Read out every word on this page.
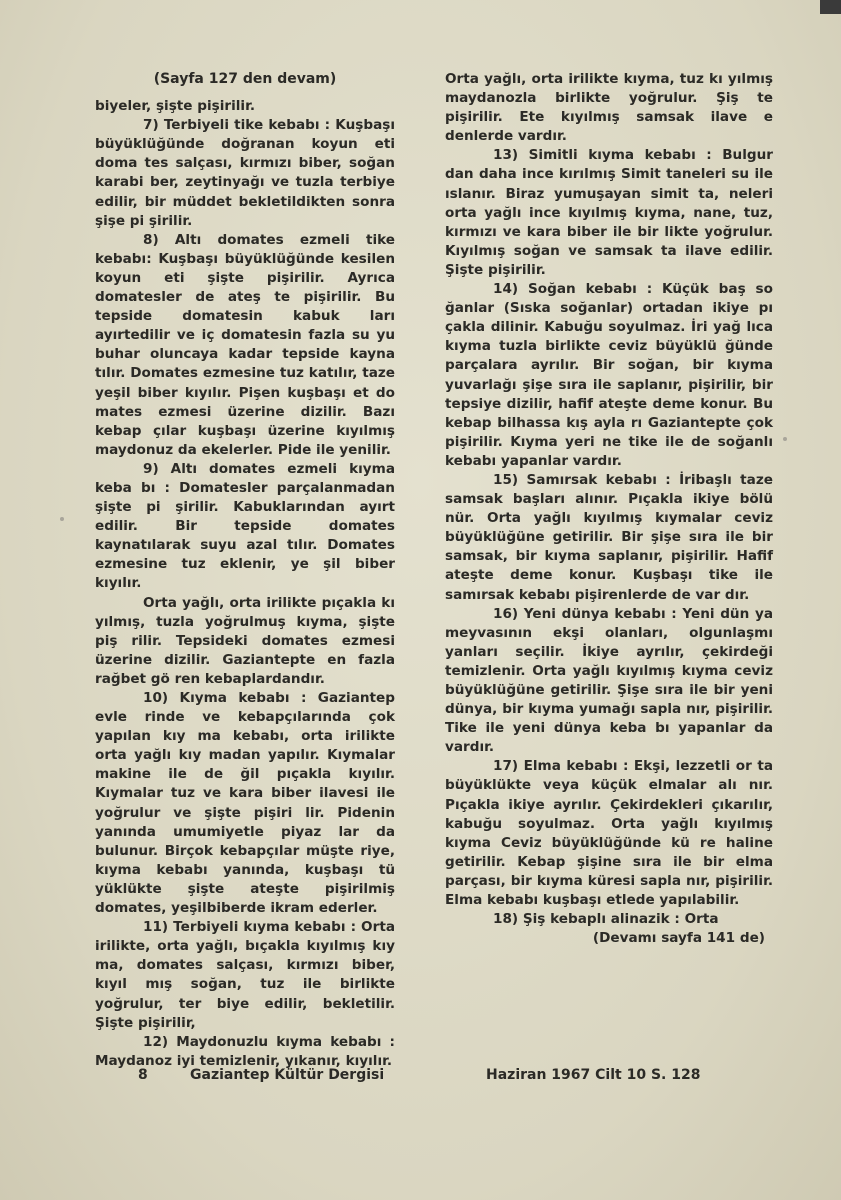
(Sayfa 127 den devam)

biyeler, şişte pişirilir.

7) Terbiyeli tike kebabı : Kuşbaşı büyüklüğünde doğranan koyun eti doma tes salçası, kırmızı biber, soğan karabi ber, zeytinyağı ve tuzla terbiye edilir, bir müddet bekletildikten sonra şişe pi şirilir.

8) Altı domates ezmeli tike kebabı: Kuşbaşı büyüklüğünde kesilen koyun eti şişte pişirilir. Ayrıca domatesler de ateş te pişirilir. Bu tepside domatesin kabuk ları ayırtedilir ve iç domatesin fazla su yu buhar oluncaya kadar tepside kayna tılır. Domates ezmesine tuz katılır, taze yeşil biber kıyılır. Pişen kuşbaşı et do mates ezmesi üzerine dizilir. Bazı kebap çılar kuşbaşı üzerine kıyılmış maydonuz da ekelerler. Pide ile yenilir.

9) Altı domates ezmeli kıyma keba bı : Domatesler parçalanmadan şişte pi şirilir. Kabuklarından ayırt edilir. Bir tepside domates kaynatılarak suyu azal tılır. Domates ezmesine tuz eklenir, ye şil biber kıyılır.

Orta yağlı, orta irilikte pıçakla kı yılmış, tuzla yoğrulmuş kıyma, şişte piş rilir. Tepsideki domates ezmesi üzerine dizilir. Gaziantepte en fazla rağbet gö ren kebaplardandır.

10) Kıyma kebabı : Gaziantep evle rinde ve kebapçılarında çok yapılan kıy ma kebabı, orta irilikte orta yağlı kıy madan yapılır. Kıymalar makine ile de ğil pıçakla kıyılır. Kıymalar tuz ve kara biber ilavesi ile yoğrulur ve şişte pişiri lir. Pidenin yanında umumiyetle piyaz lar da bulunur. Birçok kebapçılar müşte riye, kıyma kebabı yanında, kuşbaşı tü yüklükte şişte ateşte pişirilmiş domates, yeşilbiberde ikram ederler.

11) Terbiyeli kıyma kebabı : Orta irilikte, orta yağlı, bıçakla kıyılmış kıy ma, domates salçası, kırmızı biber, kıyıl mış soğan, tuz ile birlikte yoğrulur, ter biye edilir, bekletilir. Şişte pişirilir,

12) Maydonuzlu kıyma kebabı : Maydanoz iyi temizlenir, yıkanır, kıyılır.

Orta yağlı, orta irilikte kıyma, tuz kı yılmış maydanozla birlikte yoğrulur. Şiş te pişirilir. Ete kıyılmış samsak ilave e denlerde vardır.

13) Simitli kıyma kebabı : Bulgur dan daha ince kırılmış Simit taneleri su ile ıslanır. Biraz yumuşayan simit ta, neleri orta yağlı ince kıyılmış kıyma, nane, tuz, kırmızı ve kara biber ile bir likte yoğrulur. Kıyılmış soğan ve samsak ta ilave edilir. Şişte pişirilir.

14) Soğan kebabı : Küçük baş so ğanlar (Sıska soğanlar) ortadan ikiye pı çakla dilinir. Kabuğu soyulmaz. İri yağ lıca kıyma tuzla birlikte ceviz büyüklü ğünde parçalara ayrılır. Bir soğan, bir kıyma yuvarlağı şişe sıra ile saplanır, pişirilir, bir tepsiye dizilir, hafif ateşte deme konur. Bu kebap bilhassa kış ayla rı Gaziantepte çok pişirilir. Kıyma yeri ne tike ile de soğanlı kebabı yapanlar vardır.

15) Samırsak kebabı : İribaşlı taze samsak başları alınır. Pıçakla ikiye bölü nür. Orta yağlı kıyılmış kıymalar ceviz büyüklüğüne getirilir. Bir şişe sıra ile bir samsak, bir kıyma saplanır, pişirilir. Hafif ateşte deme konur. Kuşbaşı tike ile samırsak kebabı pişirenlerde de var dır.

16) Yeni dünya kebabı : Yeni dün ya meyvasının ekşi olanları, olgunlaşmı yanları seçilir. İkiye ayrılır, çekirdeği temizlenir. Orta yağlı kıyılmış kıyma ceviz büyüklüğüne getirilir. Şişe sıra ile bir yeni dünya, bir kıyma yumağı sapla nır, pişirilir. Tike ile yeni dünya keba bı yapanlar da vardır.

17) Elma kebabı : Ekşi, lezzetli or ta büyüklükte veya küçük elmalar alı nır. Pıçakla ikiye ayrılır. Çekirdekleri çıkarılır, kabuğu soyulmaz. Orta yağlı kıyılmış kıyma Ceviz büyüklüğünde kü re haline getirilir. Kebap şişine sıra ile bir elma parçası, bir kıyma küresi sapla nır, pişirilir. Elma kebabı kuşbaşı etlede yapılabilir.

18) Şiş kebaplı alinazik : Orta

(Devamı sayfa 141 de)

8	Gaziantep Kültür Dergisi	Haziran 1967 Cilt 10 S. 128
